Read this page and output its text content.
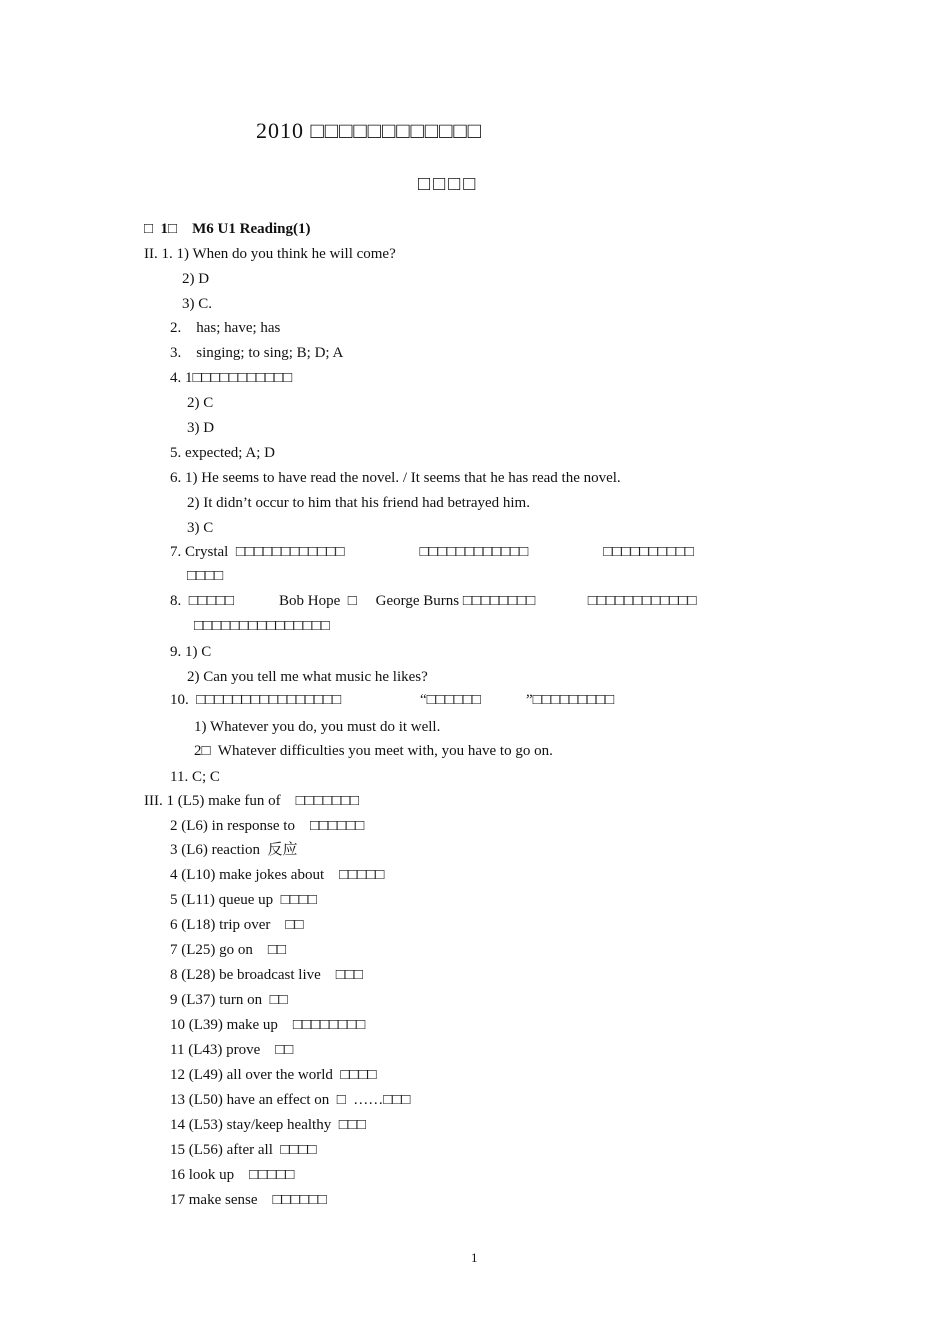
2010 □□□□□□□□□□□□
□□□□
□  1□    M6 U1 Reading(1)
II. 1. 1) When do you think he will come?
2) D
3) C.
2.    has; have; has
3.    singing; to sing; B; D; A
4. 1□□□□□□□□□□□
2) C
3) D
5. expected; A; D
6. 1) He seems to have read the novel. / It seems that he has read the novel.
2) It didn’t occur to him that his friend had betrayed him.
3) C
7. Crystal  □□□□□□□□□□□□                    □□□□□□□□□□□□                    □□□□□□□□□□
□□□□
8.  □□□□□            Bob Hope  □     George Burns □□□□□□□□              □□□□□□□□□□□□
□□□□□□□□□□□□□□□
9. 1) C
2) Can you tell me what music he likes?
10.  □□□□□□□□□□□□□□□□                     “□□□□□□            ”□□□□□□□□□
1) Whatever you do, you must do it well.
2□  Whatever difficulties you meet with, you have to go on.
11. C; C
III. 1 (L5) make fun of    □□□□□□□
2 (L6) in response to    □□□□□□
3 (L6) reaction  反应
4 (L10) make jokes about    □□□□□
5 (L11) queue up  □□□□
6 (L18) trip over    □□
7 (L25) go on    □□
8 (L28) be broadcast live    □□□
9 (L37) turn on  □□
10 (L39) make up    □□□□□□□□
11 (L43) prove    □□
12 (L49) all over the world  □□□□
13 (L50) have an effect on  □  ……□□□
14 (L53) stay/keep healthy  □□□
15 (L56) after all  □□□□
16 look up    □□□□□
17 make sense    □□□□□□
1
